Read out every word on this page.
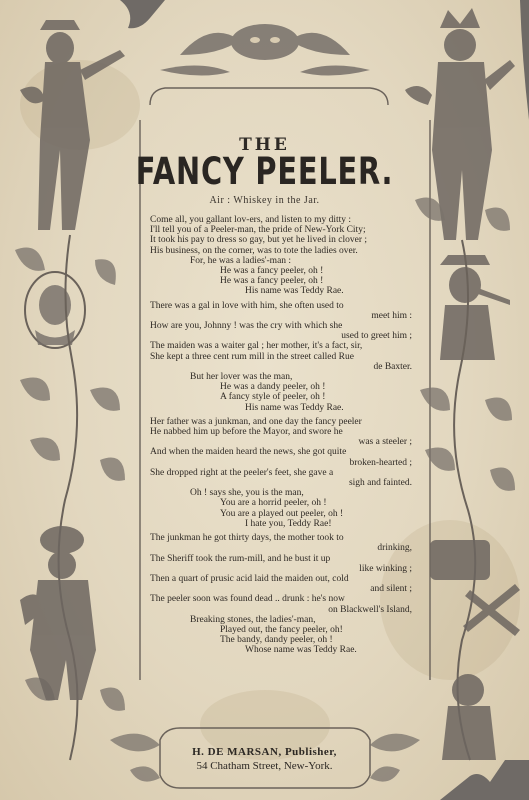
THE
FANCY PEELER.
Air : Whiskey in the Jar.
Come all, you gallant lov-ers, and listen to my ditty :
I'll tell you of a Peeler-man, the pride of New-York City;
It took his pay to dress so gay, but yet he lived in clover ;
His business, on the corner, was to tote the ladies over.
For, he was a ladies'-man :
He was a fancy peeler, oh !
He was a fancy peeler, oh !
His name was Teddy Rae.
There was a gal in love with him, she often used to
meet him :
How are you, Johnny ! was the cry with which she
used to greet him ;
The maiden was a waiter gal ; her mother, it's a fact, sir,
She kept a three cent rum mill in the street called Rue
de Baxter.
But her lover was the man,
He was a dandy peeler, oh !
A fancy style of peeler, oh !
His name was Teddy Rae.
Her father was a junkman, and one day the fancy peeler
He nabbed him up before the Mayor, and swore he
was a steeler ;
And when the maiden heard the news, she got quite
broken-hearted ;
She dropped right at the peeler's feet, she gave a
sigh and fainted.
Oh ! says she, you is the man,
You are a horrid peeler, oh !
You are a played out peeler, oh !
I hate you, Teddy Rae!
The junkman he got thirty days, the mother took to
drinking,
The Sheriff took the rum-mill, and he bust it up
like winking ;
Then a quart of prusic acid laid the maiden out, cold
and silent ;
The peeler soon was found dead .. drunk : he's now
on Blackwell's Island,
Breaking stones, the ladies'-man,
Played out, the fancy peeler, oh!
The bandy, dandy peeler, oh !
Whose name was Teddy Rae.
H. DE MARSAN, Publisher,
54 Chatham Street, New-York.
